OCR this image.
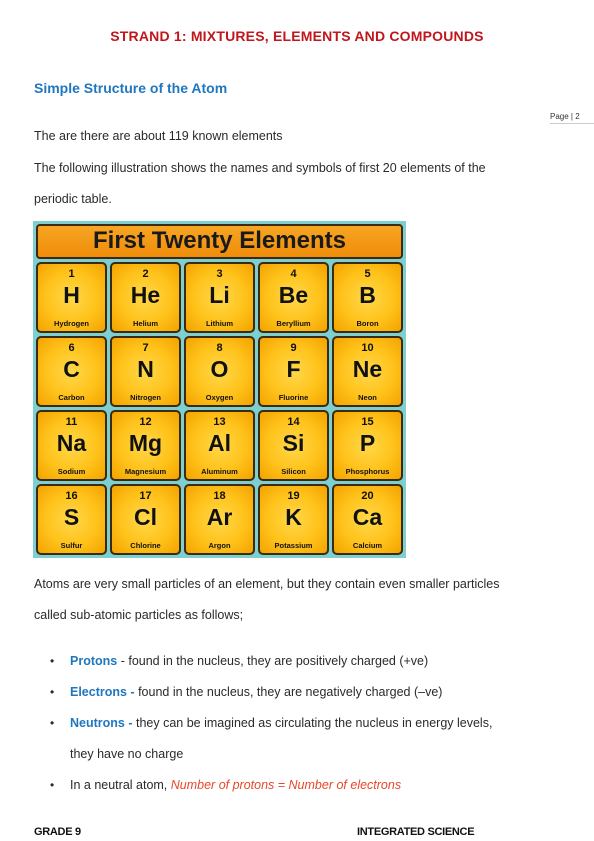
STRAND 1: MIXTURES, ELEMENTS AND COMPOUNDS
Simple Structure of the Atom
Page | 2
The are there are about 119 known elements
The following illustration shows the names and symbols of first 20 elements of the
periodic table.
First Twenty Elements
1
H
Hydrogen
2
He
Helium
3
Li
Lithium
4
Be
Beryllium
5
B
Boron
6
C
Carbon
7
N
Nitrogen
8
O
Oxygen
9
F
Fluorine
10
Ne
Neon
11
Na
Sodium
12
Mg
Magnesium
13
Al
Aluminum
14
Si
Silicon
15
P
Phosphorus
16
S
Sulfur
17
Cl
Chlorine
18
Ar
Argon
19
K
Potassium
20
Ca
Calcium
Atoms are very small particles of an element, but they contain even smaller particles
called sub-atomic particles as follows;
• Protons - found in the nucleus, they are positively charged (+ve)
• Electrons - found in the nucleus, they are negatively charged (–ve)
• Neutrons - they can be imagined as circulating the nucleus in energy levels,
they have no charge
• In a neutral atom, Number of protons = Number of electrons
GRADE 9	INTEGRATED SCIENCE
